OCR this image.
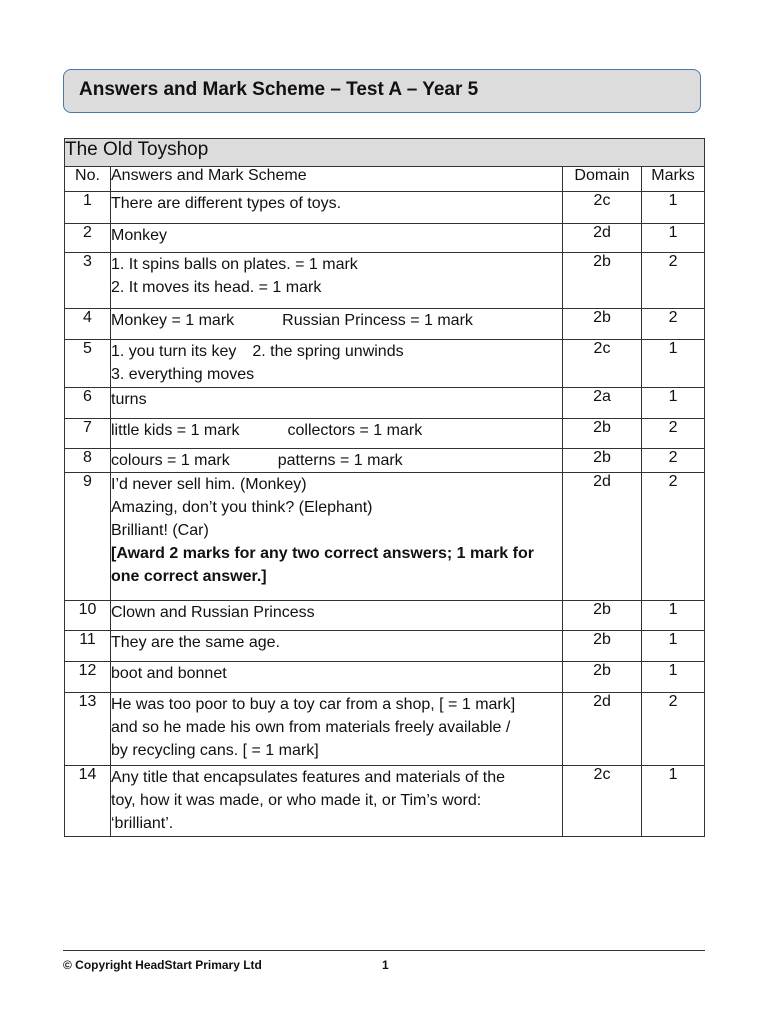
Answers and Mark Scheme – Test A – Year 5
The Old Toyshop			
No.	Answers and Mark Scheme	Domain	Marks
1	There are different types of toys.	2c	1
2	Monkey	2d	1
3	1. It spins balls on plates. = 1 mark
2. It moves its head. = 1 mark	2b	2
4	Monkey = 1 mark Russian Princess = 1 mark	2b	2
5	1. you turn its key 2. the spring unwinds
3. everything moves	2c	1
6	turns	2a	1
7	little kids = 1 mark collectors = 1 mark	2b	2
8	colours = 1 mark patterns = 1 mark	2b	2
9	I’d never sell him. (Monkey)
Amazing, don’t you think? (Elephant)
Brilliant! (Car)
[Award 2 marks for any two correct answers; 1 mark for one correct answer.]	2d	2
10	Clown and Russian Princess	2b	1
11	They are the same age.	2b	1
12	boot and bonnet	2b	1
13	He was too poor to buy a toy car from a shop, [ = 1 mark]
and so he made his own from materials freely available /
by recycling cans. [ = 1 mark]	2d	2
14	Any title that encapsulates features and materials of the
toy, how it was made, or who made it, or Tim’s word:
‘brilliant’.	2c	1
© Copyright HeadStart Primary Ltd	1
